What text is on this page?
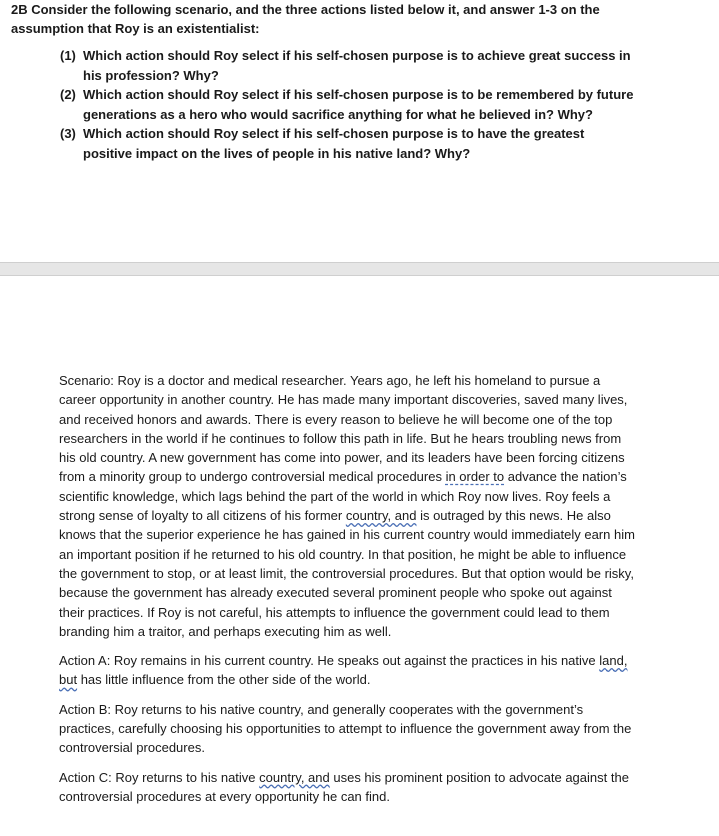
2B Consider the following scenario, and the three actions listed below it, and answer 1-3 on the
assumption that Roy is an existentialist:
(1) Which action should Roy select if his self-chosen purpose is to achieve great success in his profession? Why?
(2) Which action should Roy select if his self-chosen purpose is to be remembered by future generations as a hero who would sacrifice anything for what he believed in? Why?
(3) Which action should Roy select if his self-chosen purpose is to have the greatest positive impact on the lives of people in his native land? Why?

Scenario: Roy is a doctor and medical researcher. Years ago, he left his homeland to pursue a career opportunity in another country. He has made many important discoveries, saved many lives, and received honors and awards. There is every reason to believe he will become one of the top researchers in the world if he continues to follow this path in life. But he hears troubling news from his old country. A new government has come into power, and its leaders have been forcing citizens from a minority group to undergo controversial medical procedures in order to advance the nation’s scientific knowledge, which lags behind the part of the world in which Roy now lives. Roy feels a strong sense of loyalty to all citizens of his former country, and is outraged by this news. He also knows that the superior experience he has gained in his current country would immediately earn him an important position if he returned to his old country. In that position, he might be able to influence the government to stop, or at least limit, the controversial procedures. But that option would be risky, because the government has already executed several prominent people who spoke out against their practices. If Roy is not careful, his attempts to influence the government could lead to them branding him a traitor, and perhaps executing him as well.

Action A: Roy remains in his current country. He speaks out against the practices in his native land, but has little influence from the other side of the world.

Action B: Roy returns to his native country, and generally cooperates with the government’s practices, carefully choosing his opportunities to attempt to influence the government away from the controversial procedures.

Action C: Roy returns to his native country, and uses his prominent position to advocate against the controversial procedures at every opportunity he can find.
